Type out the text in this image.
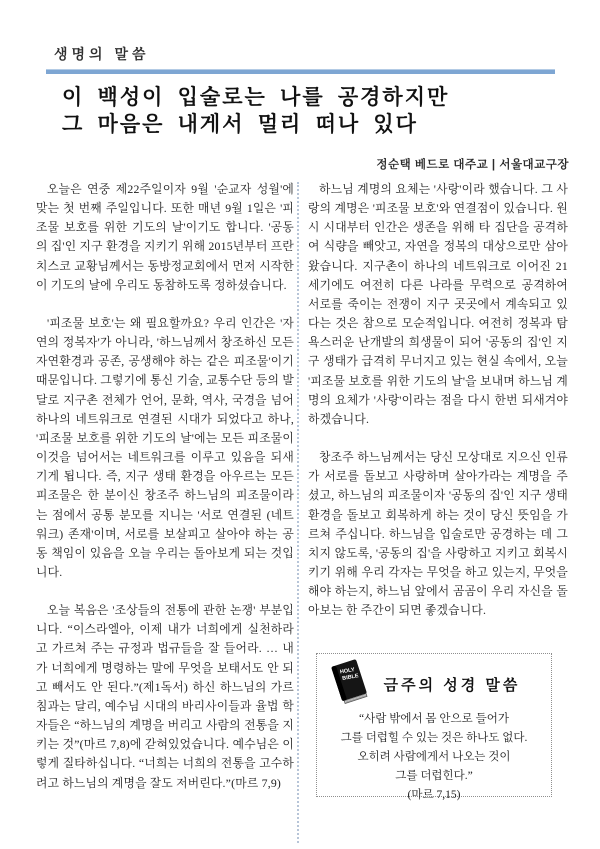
생명의 말씀
이 백성이 입술로는 나를 공경하지만
그 마음은 내게서 멀리 떠나 있다
정순택 베드로 대주교 | 서울대교구장

오늘은 연중 제22주일이자 9월 '순교자 성월'에 맞는 첫 번째 주일입니다. 또한 매년 9월 1일은 '피조물 보호를 위한 기도의 날'이기도 합니다. '공동의 집'인 지구 환경을 지키기 위해 2015년부터 프란치스코 교황님께서는 동방정교회에서 먼저 시작한 이 기도의 날에 우리도 동참하도록 정하셨습니다.

'피조물 보호'는 왜 필요할까요? 우리 인간은 '자연의 정복자'가 아니라, '하느님께서 창조하신 모든 자연환경과 공존, 공생해야 하는 같은 피조물'이기 때문입니다. 그렇기에 통신 기술, 교통수단 등의 발달로 지구촌 전체가 언어, 문화, 역사, 국경을 넘어 하나의 네트워크로 연결된 시대가 되었다고 하나, '피조물 보호를 위한 기도의 날'에는 모든 피조물이 이것을 넘어서는 네트워크를 이루고 있음을 되새기게 됩니다. 즉, 지구 생태 환경을 아우르는 모든 피조물은 한 분이신 창조주 하느님의 피조물이라는 점에서 공통 분모를 지니는 '서로 연결된 (네트워크) 존재'이며, 서로를 보살피고 살아야 하는 공동 책임이 있음을 오늘 우리는 돌아보게 되는 것입니다.

오늘 복음은 '조상들의 전통에 관한 논쟁' 부분입니다. “이스라엘아, 이제 내가 너희에게 실천하라고 가르쳐 주는 규정과 법규들을 잘 들어라. … 내가 너희에게 명령하는 말에 무엇을 보태서도 안 되고 빼서도 안 된다.”(제1독서) 하신 하느님의 가르침과는 달리, 예수님 시대의 바리사이들과 율법 학자들은 “하느님의 계명을 버리고 사람의 전통을 지키는 것”(마르 7,8)에 갇혀있었습니다. 예수님은 이렇게 질타하십니다. “너희는 너희의 전통을 고수하려고 하느님의 계명을 잘도 저버린다.”(마르 7,9)

하느님 계명의 요체는 '사랑'이라 했습니다. 그 사랑의 계명은 '피조물 보호'와 연결점이 있습니다. 원시 시대부터 인간은 생존을 위해 타 집단을 공격하여 식량을 빼앗고, 자연을 정복의 대상으로만 삼아왔습니다. 지구촌이 하나의 네트워크로 이어진 21세기에도 여전히 다른 나라를 무력으로 공격하여 서로를 죽이는 전쟁이 지구 곳곳에서 계속되고 있다는 것은 참으로 모순적입니다. 여전히 정복과 탐욕스러운 난개발의 희생물이 되어 '공동의 집'인 지구 생태가 급격히 무너지고 있는 현실 속에서, 오늘 '피조물 보호를 위한 기도의 날'을 보내며 하느님 계명의 요체가 '사랑'이라는 점을 다시 한번 되새겨야 하겠습니다.

창조주 하느님께서는 당신 모상대로 지으신 인류가 서로를 돌보고 사랑하며 살아가라는 계명을 주셨고, 하느님의 피조물이자 '공동의 집'인 지구 생태 환경을 돌보고 회복하게 하는 것이 당신 뜻임을 가르쳐 주십니다. 하느님을 입술로만 공경하는 데 그치지 않도록, '공동의 집'을 사랑하고 지키고 회복시키기 위해 우리 각자는 무엇을 하고 있는지, 무엇을 해야 하는지, 하느님 앞에서 곰곰이 우리 자신을 돌아보는 한 주간이 되면 좋겠습니다.

HOLY
BIBLE	금주의 성경 말씀
“사람 밖에서 몸 안으로 들어가
그를 더럽힐 수 있는 것은 하나도 없다.
오히려 사람에게서 나오는 것이
그를 더럽힌다.”
(마르 7,15)
